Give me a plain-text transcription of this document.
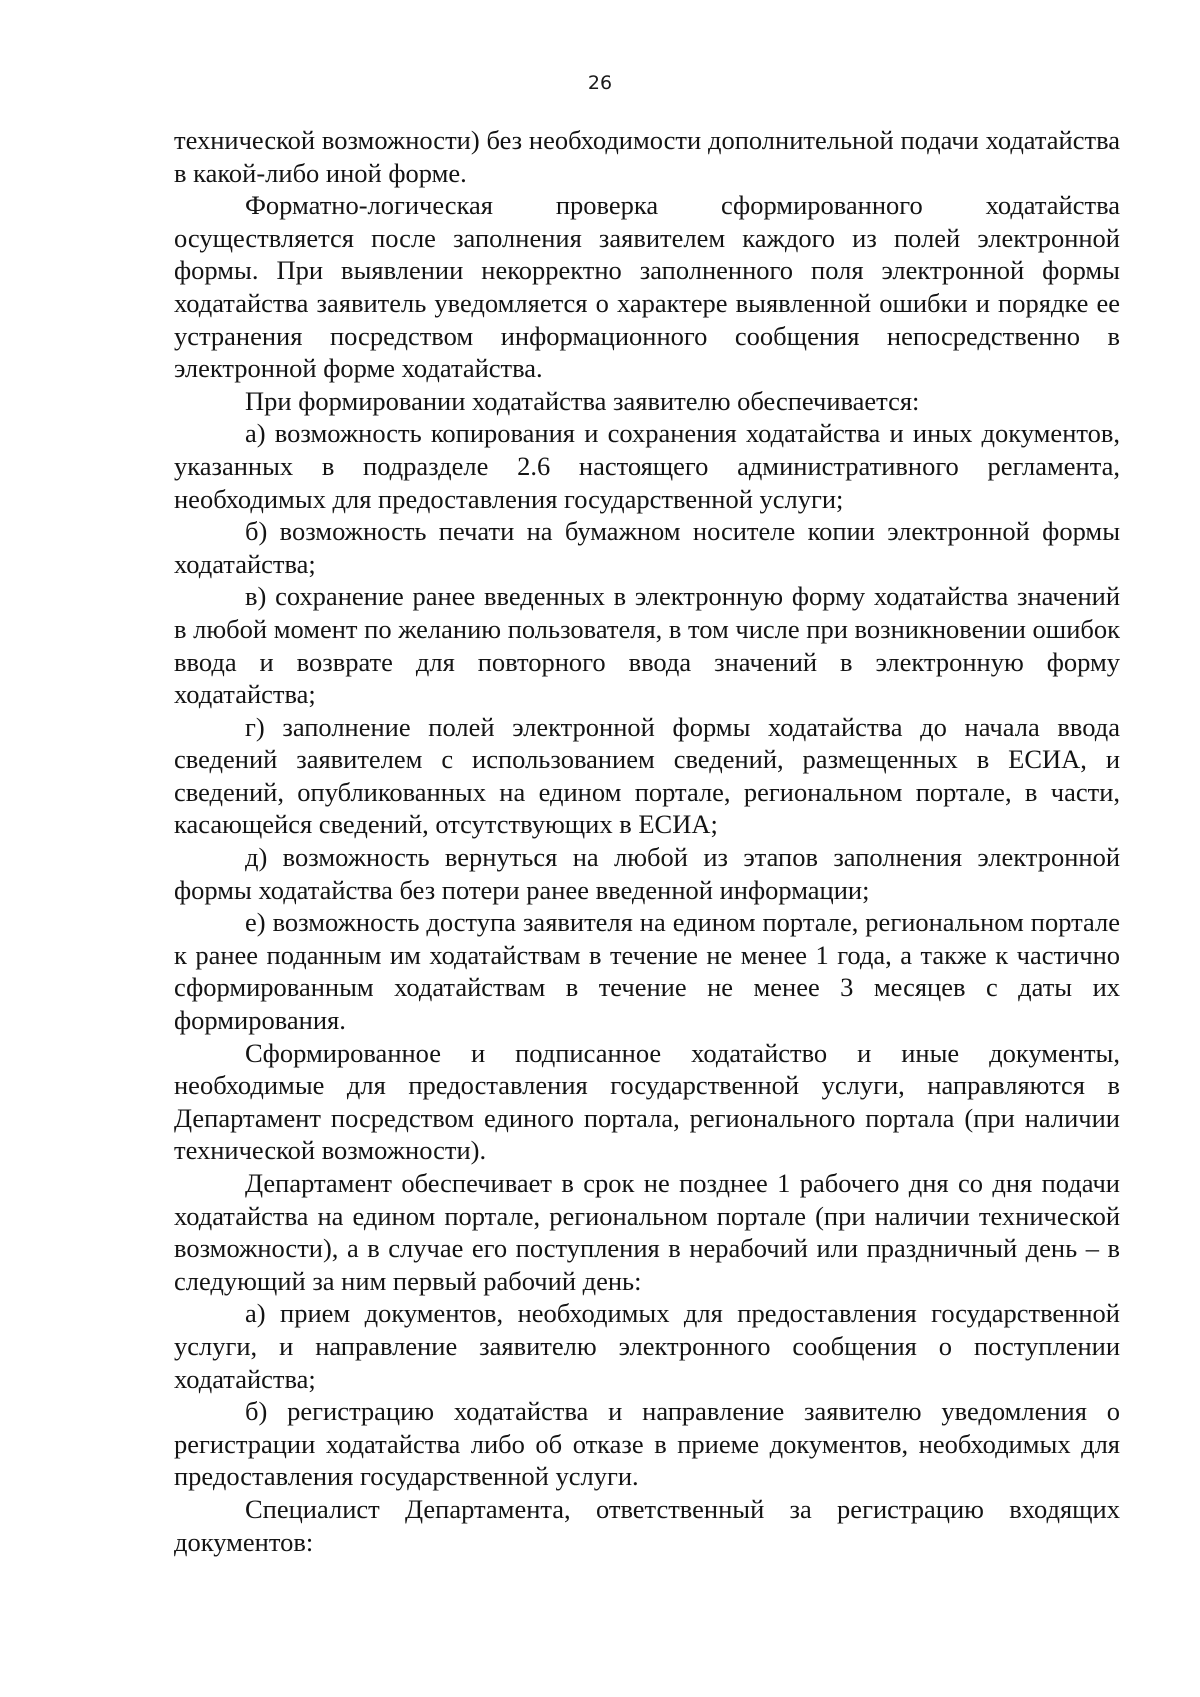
26

технической возможности) без необходимости дополнительной подачи ходатайства в какой-либо иной форме.

Форматно-логическая проверка сформированного ходатайства осуществляется после заполнения заявителем каждого из полей электронной формы. При выявлении некорректно заполненного поля электронной формы ходатайства заявитель уведомляется о характере выявленной ошибки и порядке ее устранения посредством информационного сообщения непосредственно в электронной форме ходатайства.

При формировании ходатайства заявителю обеспечивается:

а) возможность копирования и сохранения ходатайства и иных документов, указанных в подразделе 2.6 настоящего административного регламента, необходимых для предоставления государственной услуги;

б) возможность печати на бумажном носителе копии электронной формы ходатайства;

в) сохранение ранее введенных в электронную форму ходатайства значений в любой момент по желанию пользователя, в том числе при возникновении ошибок ввода и возврате для повторного ввода значений в электронную форму ходатайства;

г) заполнение полей электронной формы ходатайства до начала ввода сведений заявителем с использованием сведений, размещенных в ЕСИА, и сведений, опубликованных на едином портале, региональном портале, в части, касающейся сведений, отсутствующих в ЕСИА;

д) возможность вернуться на любой из этапов заполнения электронной формы ходатайства без потери ранее введенной информации;

е) возможность доступа заявителя на едином портале, региональном портале к ранее поданным им ходатайствам в течение не менее 1 года, а также к частично сформированным ходатайствам в течение не менее 3 месяцев с даты их формирования.

Сформированное и подписанное ходатайство и иные документы, необходимые для предоставления государственной услуги, направляются в Департамент посредством единого портала, регионального портала (при наличии технической возможности).

Департамент обеспечивает в срок не позднее 1 рабочего дня со дня подачи ходатайства на едином портале, региональном портале (при наличии технической возможности), а в случае его поступления в нерабочий или праздничный день – в следующий за ним первый рабочий день:

а) прием документов, необходимых для предоставления государственной услуги, и направление заявителю электронного сообщения о поступлении ходатайства;

б) регистрацию ходатайства и направление заявителю уведомления о регистрации ходатайства либо об отказе в приеме документов, необходимых для предоставления государственной услуги.

Специалист Департамента, ответственный за регистрацию входящих документов:
